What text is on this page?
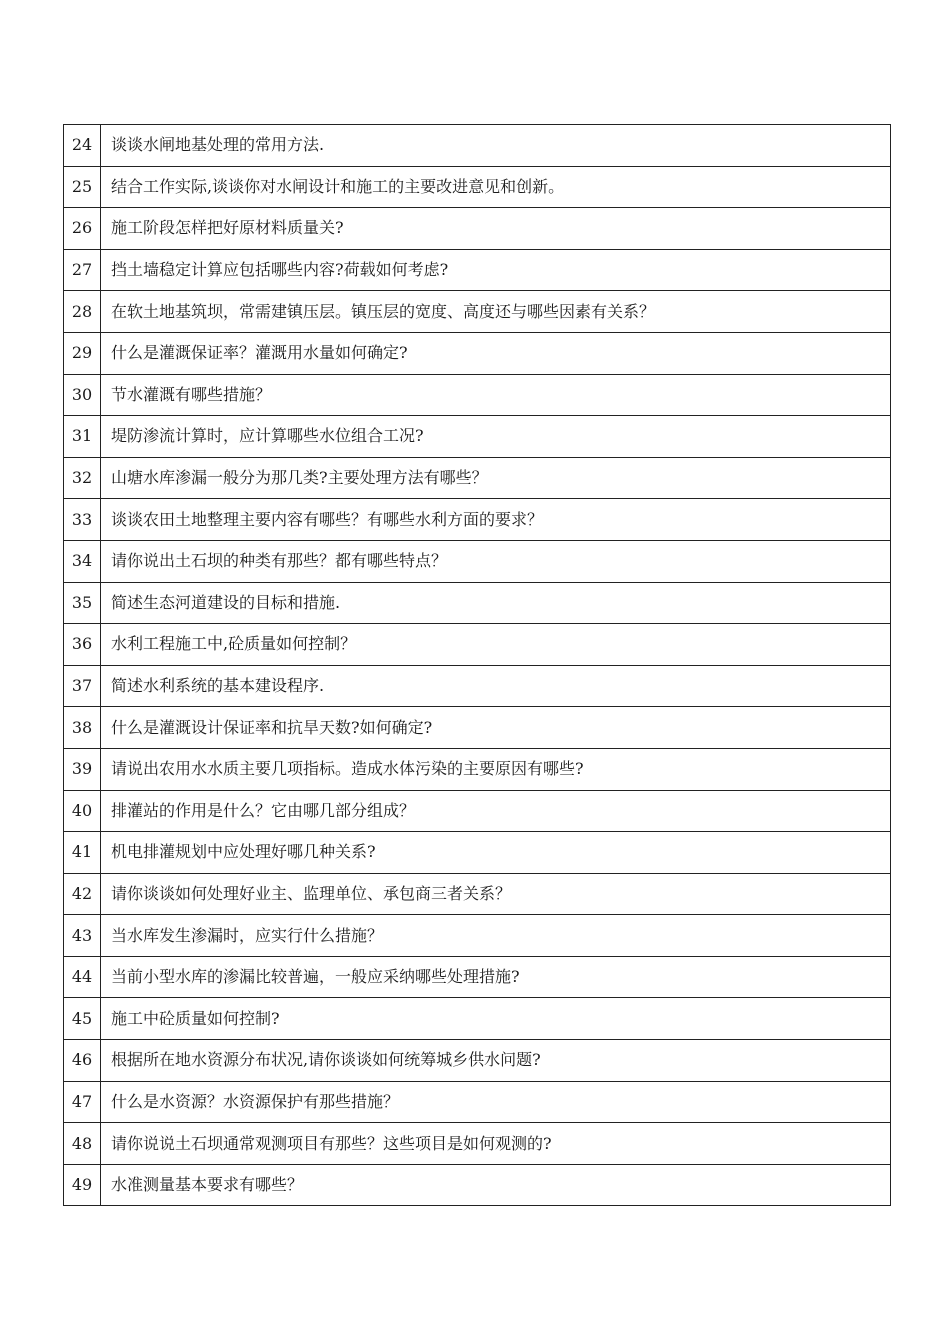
24	谈谈水闸地基处理的常用方法.
25	结合工作实际,谈谈你对水闸设计和施工的主要改进意见和创新。
26	施工阶段怎样把好原材料质量关?
27	挡土墙稳定计算应包括哪些内容?荷载如何考虑?
28	在软土地基筑坝，常需建镇压层。镇压层的宽度、高度还与哪些因素有关系？
29	什么是灌溉保证率？灌溉用水量如何确定?
30	节水灌溉有哪些措施？
31	堤防渗流计算时，应计算哪些水位组合工况?
32	山塘水库渗漏一般分为那几类?主要处理方法有哪些？
33	谈谈农田土地整理主要内容有哪些？有哪些水利方面的要求？
34	请你说出土石坝的种类有那些？都有哪些特点？
35	简述生态河道建设的目标和措施.
36	水利工程施工中,砼质量如何控制？
37	简述水利系统的基本建设程序.
38	什么是灌溉设计保证率和抗旱天数?如何确定?
39	请说出农用水水质主要几项指标。造成水体污染的主要原因有哪些?
40	排灌站的作用是什么？它由哪几部分组成？
41	机电排灌规划中应处理好哪几种关系?
42	请你谈谈如何处理好业主、监理单位、承包商三者关系？
43	当水库发生渗漏时，应实行什么措施？
44	当前小型水库的渗漏比较普遍，一般应采纳哪些处理措施?
45	施工中砼质量如何控制?
46	根据所在地水资源分布状况,请你谈谈如何统筹城乡供水问题?
47	什么是水资源？水资源保护有那些措施？
48	请你说说土石坝通常观测项目有那些？这些项目是如何观测的?
49	水准测量基本要求有哪些？
